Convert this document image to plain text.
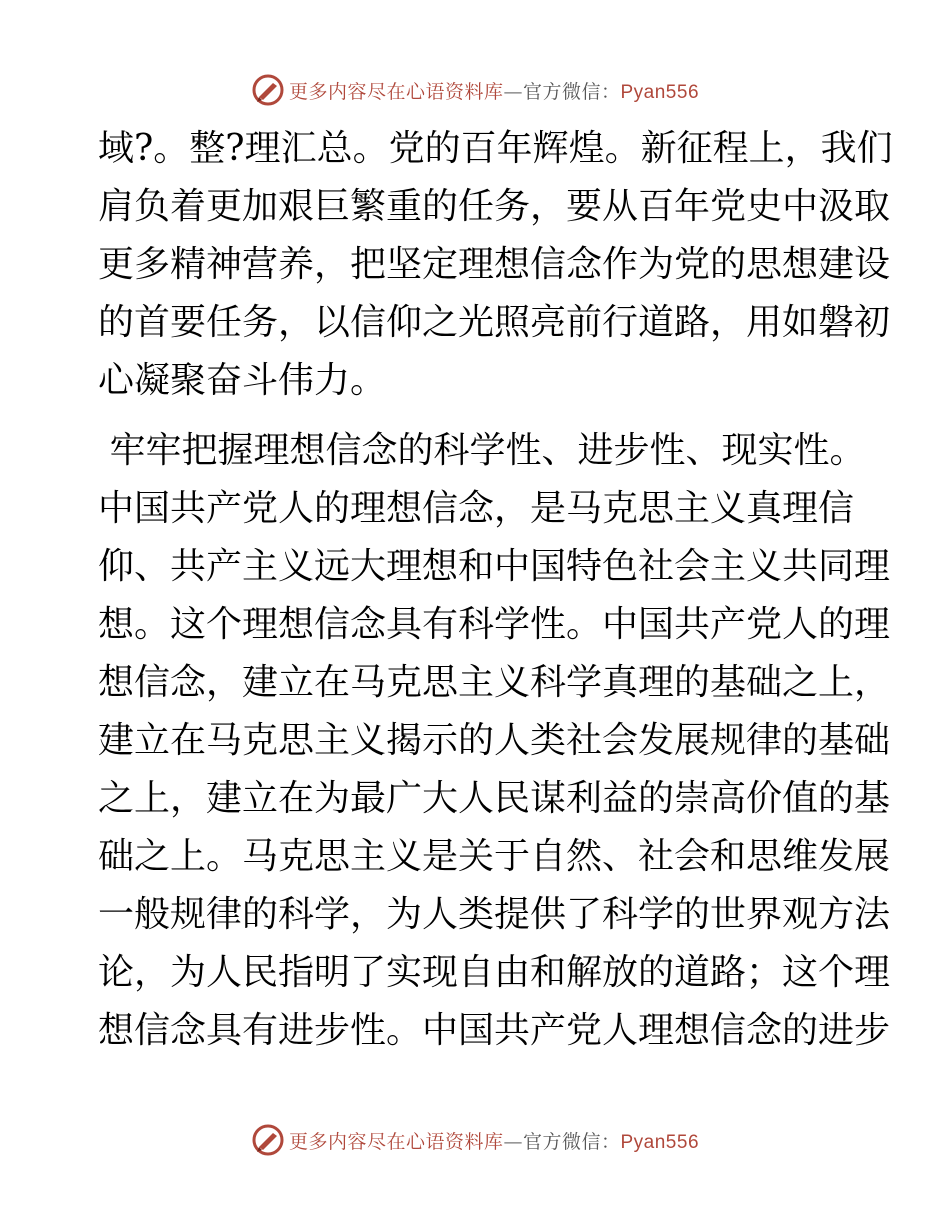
更多内容尽在心语资料库—官方微信：Pyan556

域?。整?理汇总。党的百年辉煌。新征程上，我们

肩负着更加艰巨繁重的任务，要从百年党史中汲取

更多精神营养，把坚定理想信念作为党的思想建设

的首要任务，以信仰之光照亮前行道路，用如磐初

心凝聚奋斗伟力。

牢牢把握理想信念的科学性、进步性、现实性。

中国共产党人的理想信念，是马克思主义真理信

仰、共产主义远大理想和中国特色社会主义共同理

想。这个理想信念具有科学性。中国共产党人的理

想信念，建立在马克思主义科学真理的基础之上，

建立在马克思主义揭示的人类社会发展规律的基础

之上，建立在为最广大人民谋利益的崇高价值的基

础之上。马克思主义是关于自然、社会和思维发展

一般规律的科学，为人类提供了科学的世界观方法

论，为人民指明了实现自由和解放的道路；这个理

想信念具有进步性。中国共产党人理想信念的进步

更多内容尽在心语资料库—官方微信：Pyan556
